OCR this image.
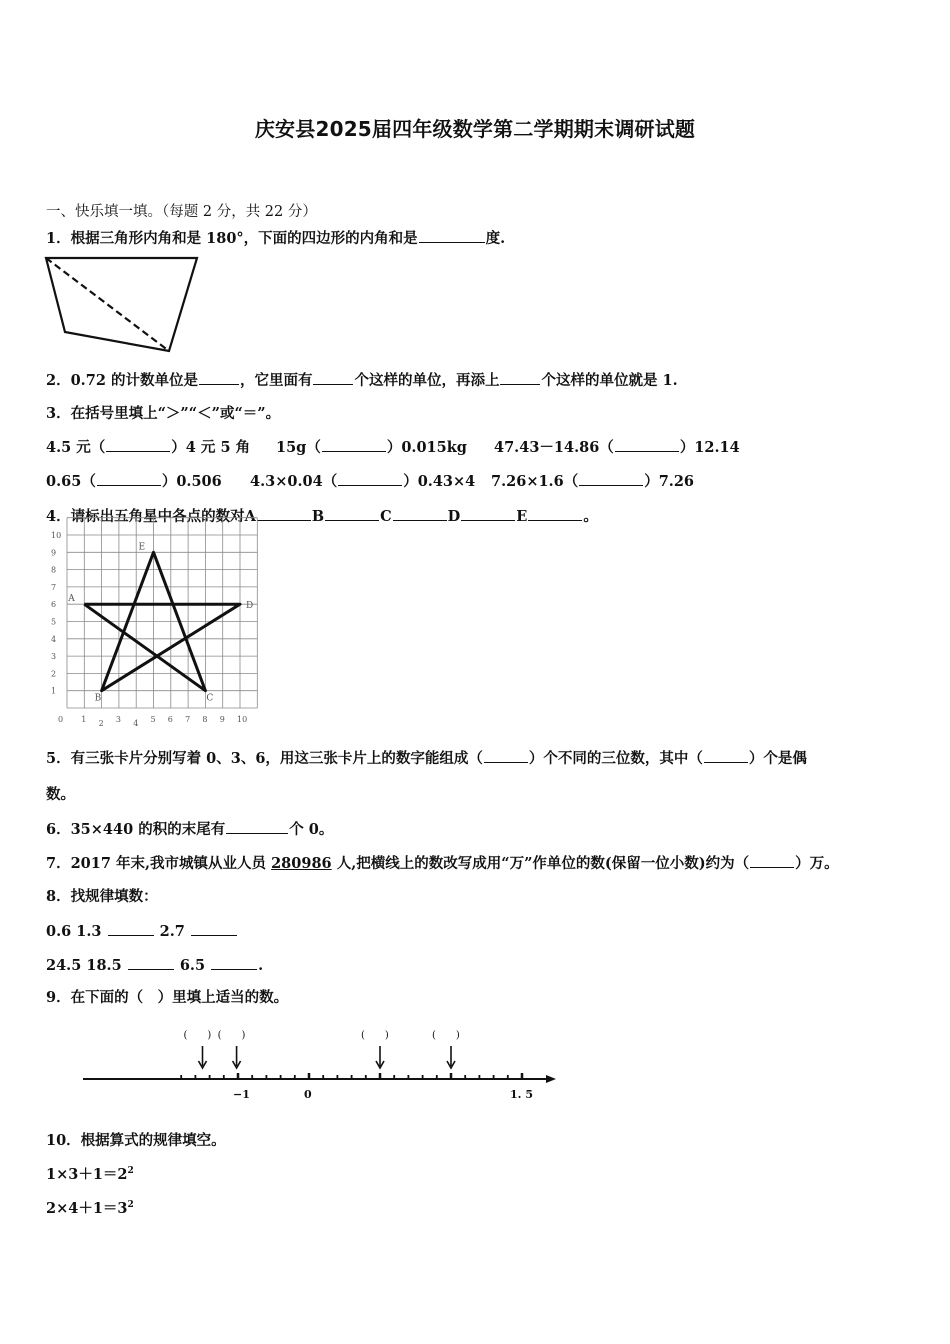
庆安县2025届四年级数学第二学期期末调研试题
一、快乐填一填。（每题 2 分，共 22 分）
1．根据三角形内角和是 180°，下面的四边形的内角和是	度.
2．0.72 的计数单位是	，它里面有	个这样的单位，再添上	个这样的单位就是 1.
3．在括号里填上“＞”“＜”或“＝”。
4.5 元（	）4 元 5 角 15g（	）0.015kg 47.43－14.86（	）12.14
0.65（	）0.506 4.3×0.04（	）0.43×4 7.26×1.6（	）7.26
4．请标出五角星中各点的数对A	B	C	D	E	。
0 1 2 3 4 5 6 7 8 9 10
1
2
3
4
5
6
7
8
9
10
A
B	C
D
E
5．有三张卡片分别写着 0、3、6，用这三张卡片上的数字能组成（	）个不同的三位数，其中（	）个是偶
数。
6．35×440 的积的末尾有	个 0。
7．2017 年末,我市城镇从业人员 280986 人,把横线上的数改写成用“万”作单位的数(保留一位小数)约为（	）万。
8．找规律填数：
0.6 1.3	2.7
24.5 18.5	6.5	.
9．在下面的（　）里填上适当的数。
−1	0	1. 5
(　　) (　　)	(　　)	(　　)
10．根据算式的规律填空。
$1\times 3+1=2^2$
$2\times 4+1=3^2$
